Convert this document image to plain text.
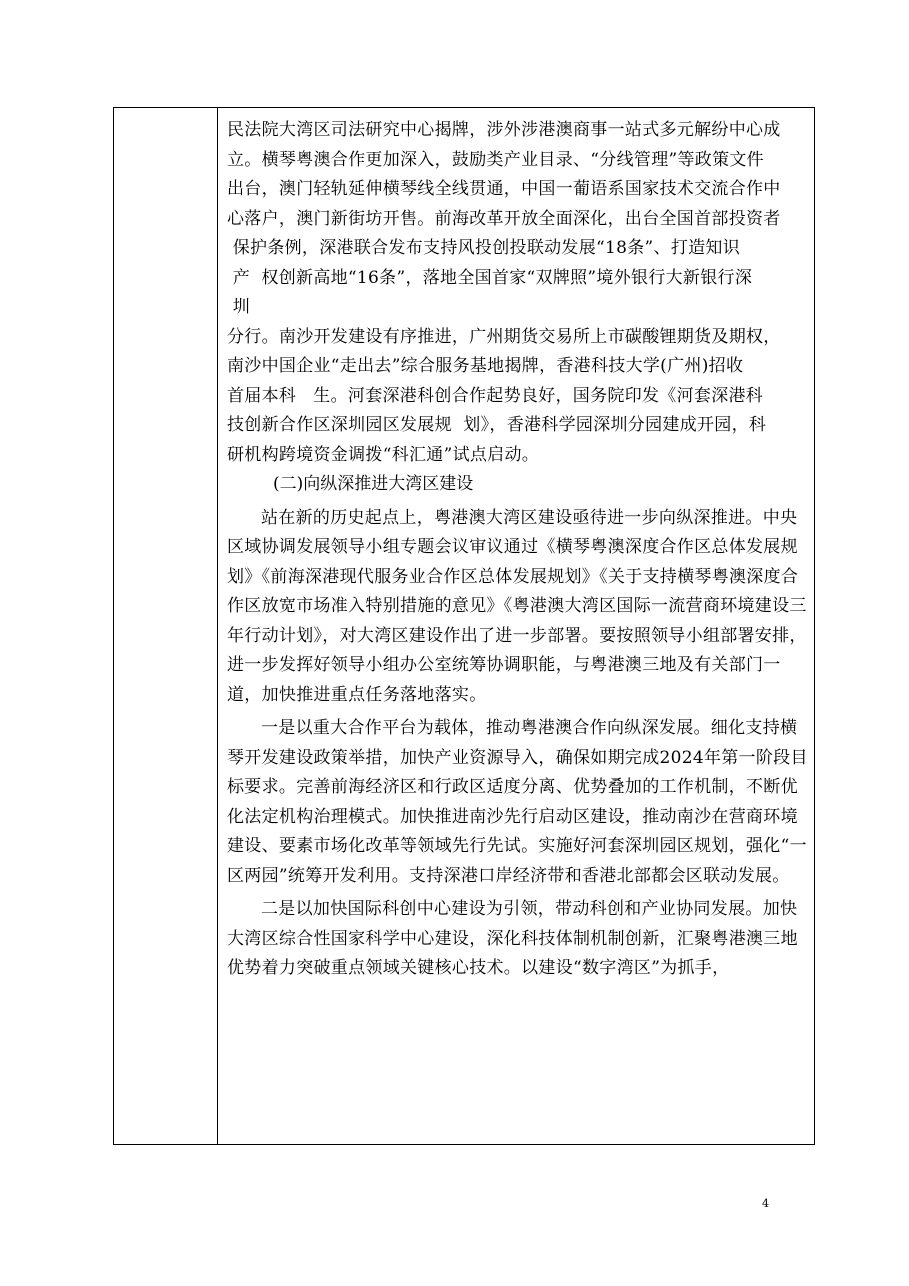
民法院大湾区司法研究中心揭牌，涉外涉港澳商事一站式多元解纷中心成

立。横琴粤澳合作更加深入，鼓励类产业目录、“分线管理”等政策文件

出台，澳门轻轨延伸横琴线全线贯通，中国一葡语系国家技术交流合作中

心落户，澳门新街坊开售。前海改革开放全面深化，出台全国首部投资者

保护条例，深港联合发布支持风投创投联动发展“18条”、打造知识

产  权创新高地“16条”，落地全国首家“双牌照”境外银行大新银行深

圳

分行。南沙开发建设有序推进，广州期货交易所上市碳酸锂期货及期权，

南沙中国企业“走出去”综合服务基地揭牌，香港科技大学(广州)招收

首届本科   生。河套深港科创合作起势良好，国务院印发《河套深港科

技创新合作区深圳园区发展规  划》，香港科学园深圳分园建成开园，科

研机构跨境资金调拨“科汇通”试点启动。

(二)向纵深推进大湾区建设

站在新的历史起点上，粤港澳大湾区建设亟待进一步向纵深推进。中央区域协调发展领导小组专题会议审议通过《横琴粤澳深度合作区总体发展规划》《前海深港现代服务业合作区总体发展规划》《关于支持横琴粤澳深度合作区放宽市场准入特别措施的意见》《粤港澳大湾区国际一流营商环境建设三年行动计划》，对大湾区建设作出了进一步部署。要按照领导小组部署安排，进一步发挥好领导小组办公室统筹协调职能，与粤港澳三地及有关部门一道，加快推进重点任务落地落实。

一是以重大合作平台为载体，推动粤港澳合作向纵深发展。细化支持横琴开发建设政策举措，加快产业资源导入，确保如期完成2024年第一阶段目标要求。完善前海经济区和行政区适度分离、优势叠加的工作机制，不断优化法定机构治理模式。加快推进南沙先行启动区建设，推动南沙在营商环境建设、要素市场化改革等领域先行先试。实施好河套深圳园区规划，强化“一区两园”统筹开发利用。支持深港口岸经济带和香港北部都会区联动发展。

二是以加快国际科创中心建设为引领，带动科创和产业协同发展。加快大湾区综合性国家科学中心建设，深化科技体制机制创新，汇聚粤港澳三地优势着力突破重点领域关键核心技术。以建设“数字湾区”为抓手，

4
